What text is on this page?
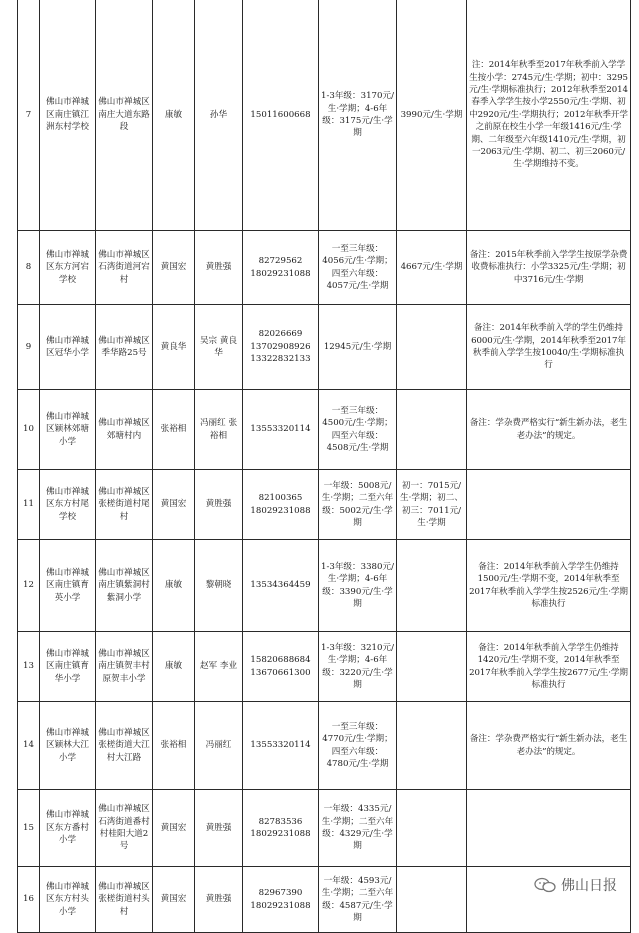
7	佛山市禅城区南庄镇江洲东村学校	佛山市禅城区南庄大道东路段	康敏	孙华	15011600668	1-3年级：3170元/生·学期；4-6年级：3175元/生·学期	3990元/生·学期	注：2014年秋季至2017年秋季前入学学生按小学：2745元/生·学期；初中：3295元/生·学期标准执行；2012年秋季至2014春季入学学生按小学2550元/生·学期、初中2920元/生·学期执行；2012年秋季开学之前原在校生小学一年级1416元/生·学期、二年级至六年级1410元/生·学期，初一2063元/生·学期、初二、初三2060元/生·学期维持不变。
8	佛山市禅城区东方河宕学校	佛山市禅城区石湾街道河宕村	黄国宏	黄胜强	82729562 18029231088	一至三年级：4056元/生·学期；四至六年级：4057元/生·学期	4667元/生·学期	备注：2015年秋季前入学学生按原学杂费收费标准执行：小学3325元/生·学期；初中3716元/生·学期
9	佛山市禅城区冠华小学	佛山市禅城区季华路25号	黄良华	吴宗 黄良华	82026669 13702908926 13322832133	12945元/生·学期		备注：2014年秋季前入学的学生仍维持6000元/生·学期，2014年秋季至2017年秋季前入学学生按10040/生·学期标准执行
10	佛山市禅城区颖林郊塘小学	佛山市禅城区郊塘村内	张裕相	冯丽红 张裕相	13553320114	一至三年级：4500元/生·学期；四至六年级：4508元/生·学期		备注：学杂费严格实行“新生新办法，老生老办法”的规定。
11	佛山市禅城区东方村尾学校	佛山市禅城区张槎街道村尾村	黄国宏	黄胜强	82100365 18029231088	一年级：5008元/生·学期；二至六年级：5002元/生·学期	初一：7015元/生·学期；初二、初三：7011元/生·学期	
12	佛山市禅城区南庄镇育英小学	佛山市禅城区南庄镇紫洞村紫洞小学	康敏	黎朝晓	13534364459	1-3年级：3380元/生·学期；4-6年级：3390元/生·学期		备注：2014年秋季前入学学生仍维持1500元/生·学期不变，2014年秋季至2017年秋季前入学学生按2526元/生·学期标准执行
13	佛山市禅城区南庄镇育华小学	佛山市禅城区南庄镇贺丰村原贺丰小学	康敏	赵军 李业	15820688684 13670661300	1-3年级：3210元/生·学期；4-6年级：3220元/生·学期		备注：2014年秋季前入学学生仍维持1420元/生·学期不变，2014年秋季至2017年秋季前入学学生按2677元/生·学期标准执行
14	佛山市禅城区颖林大江小学	佛山市禅城区张槎街道大江村大江路	张裕相	冯丽红	13553320114	一至三年级：4770元/生·学期；四至六年级：4780元/生·学期		备注：学杂费严格实行“新生新办法，老生老办法”的规定。
15	佛山市禅城区东方番村小学	佛山市禅城区石湾街道番村村桂阳大道2号	黄国宏	黄胜强	82783536 18029231088	一年级：4335元/生·学期；二至六年级：4329元/生·学期		
16	佛山市禅城区东方村头小学	佛山市禅城区张槎街道村头村	黄国宏	黄胜强	82967390 18029231088	一年级：4593元/生·学期；二至六年级：4587元/生·学期		
佛山日报
